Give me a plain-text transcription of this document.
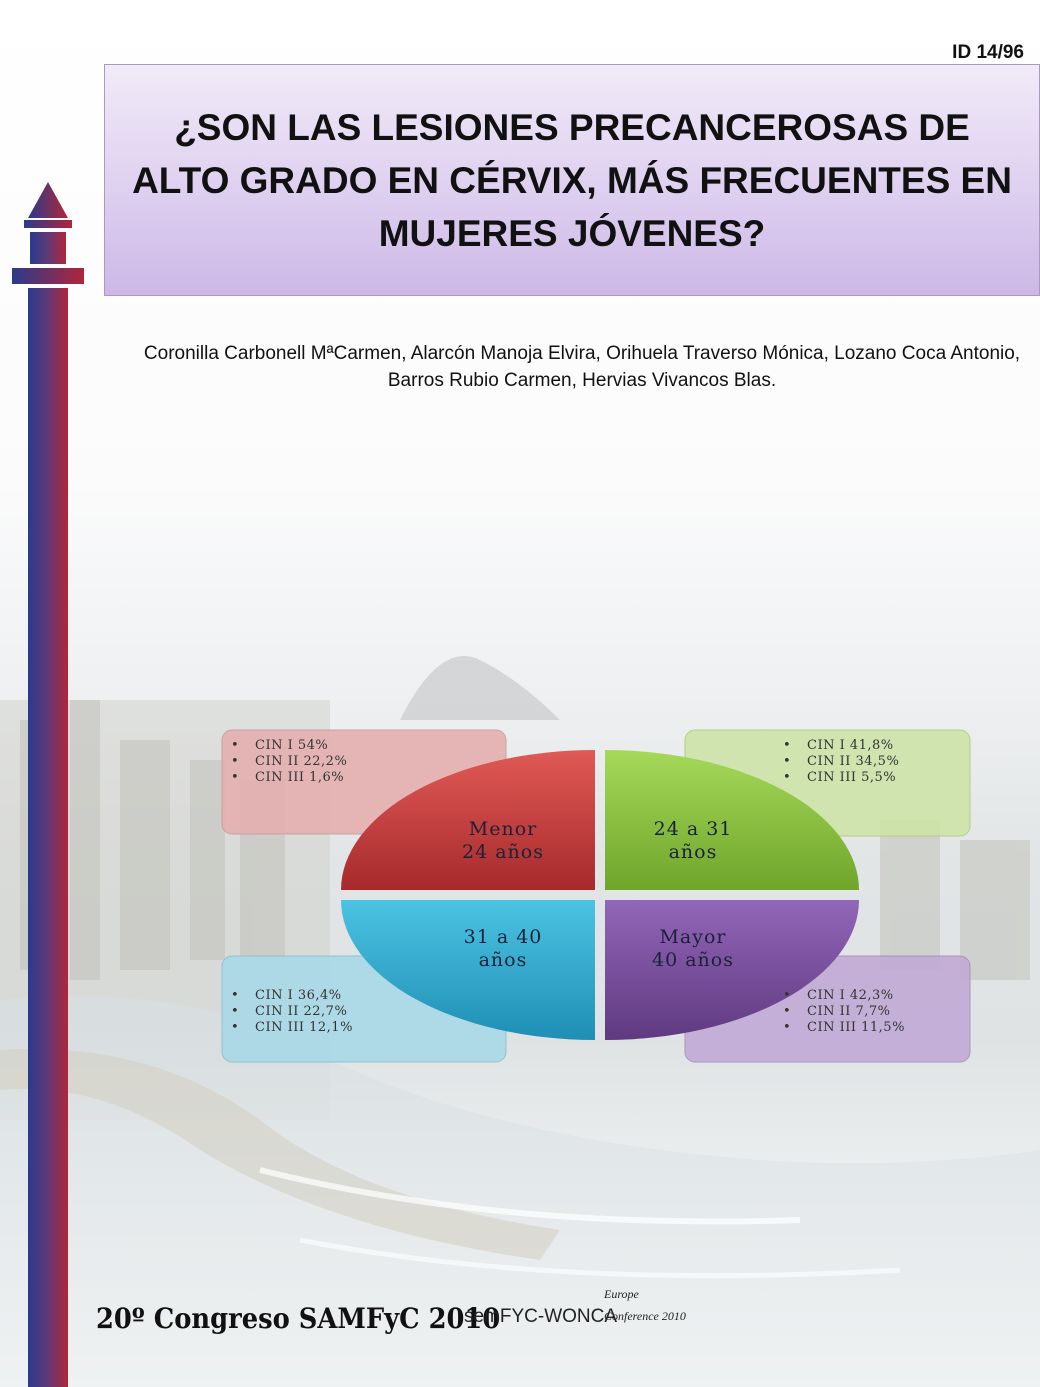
ID 14/96
¿SON LAS LESIONES PRECANCEROSAS DE ALTO GRADO EN CÉRVIX, MÁS FRECUENTES EN MUJERES JÓVENES?

Coronilla Carbonell MªCarmen, Alarcón Manoja Elvira, Orihuela Traverso Mónica, Lozano Coca Antonio, Barros Rubio Carmen, Hervias Vivancos Blas.

• CIN I 54%
• CIN II 22,2%
• CIN III 1,6%
• CIN I 41,8%
• CIN II 34,5%
• CIN III 5,5%
• CIN I 36,4%
• CIN II 22,7%
• CIN III 12,1%
• CIN I 42,3%
• CIN II 7,7%
• CIN III 11,5%
Menor
24 años
24 a 31
años
31 a 40
años
Mayor
40 años
20º Congreso SAMFyC 2010
semFYC-WONCA
Europe
Conference 2010
